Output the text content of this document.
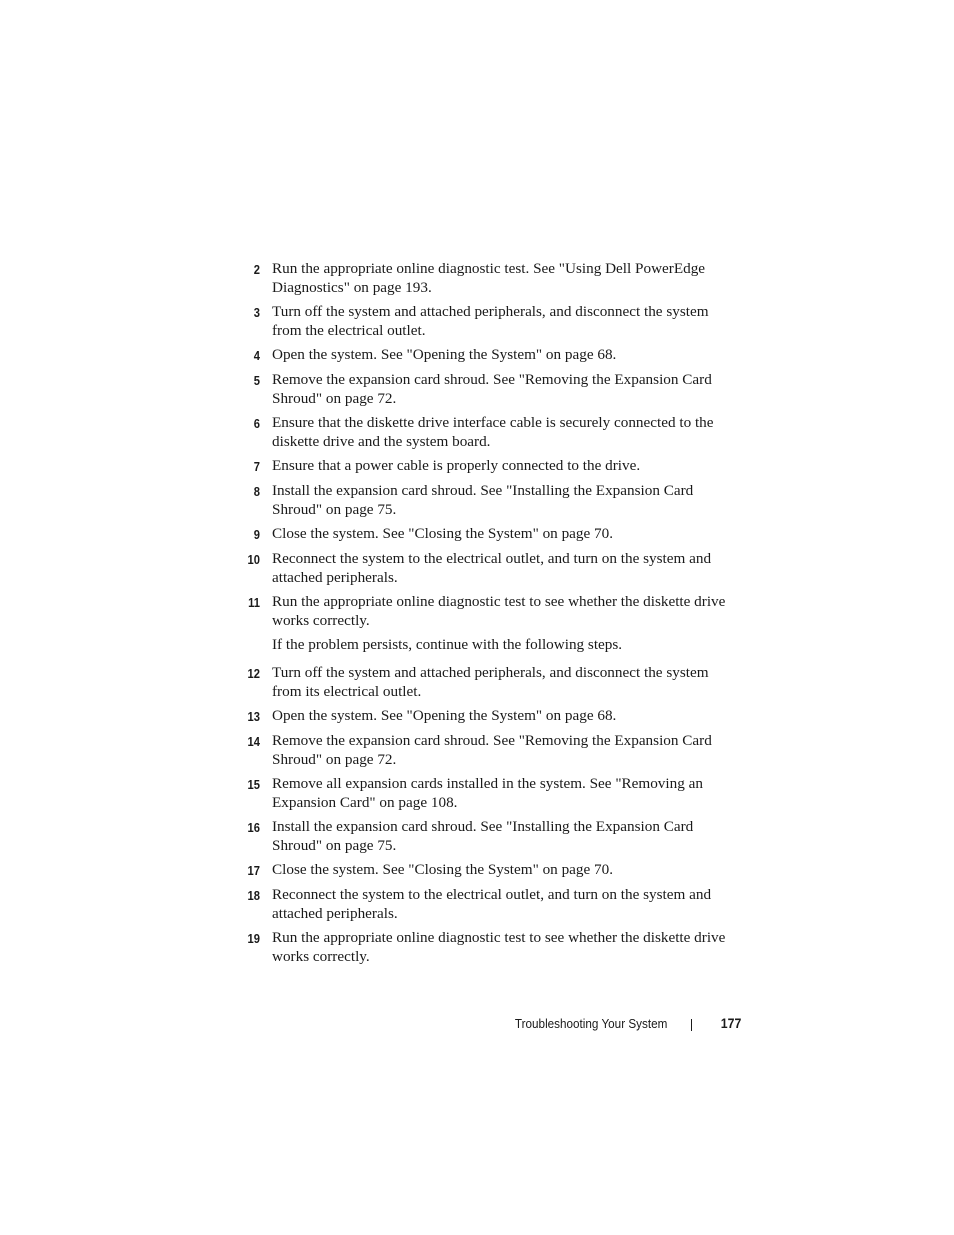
2 Run the appropriate online diagnostic test. See "Using Dell PowerEdge Diagnostics" on page 193.
3 Turn off the system and attached peripherals, and disconnect the system from the electrical outlet.
4 Open the system. See "Opening the System" on page 68.
5 Remove the expansion card shroud. See "Removing the Expansion Card Shroud" on page 72.
6 Ensure that the diskette drive interface cable is securely connected to the diskette drive and the system board.
7 Ensure that a power cable is properly connected to the drive.
8 Install the expansion card shroud. See "Installing the Expansion Card Shroud" on page 75.
9 Close the system. See "Closing the System" on page 70.
10 Reconnect the system to the electrical outlet, and turn on the system and attached peripherals.
11 Run the appropriate online diagnostic test to see whether the diskette drive works correctly.
If the problem persists, continue with the following steps.
12 Turn off the system and attached peripherals, and disconnect the system from its electrical outlet.
13 Open the system. See "Opening the System" on page 68.
14 Remove the expansion card shroud. See "Removing the Expansion Card Shroud" on page 72.
15 Remove all expansion cards installed in the system. See "Removing an Expansion Card" on page 108.
16 Install the expansion card shroud. See "Installing the Expansion Card Shroud" on page 75.
17 Close the system. See "Closing the System" on page 70.
18 Reconnect the system to the electrical outlet, and turn on the system and attached peripherals.
19 Run the appropriate online diagnostic test to see whether the diskette drive works correctly.
Troubleshooting Your System	177
